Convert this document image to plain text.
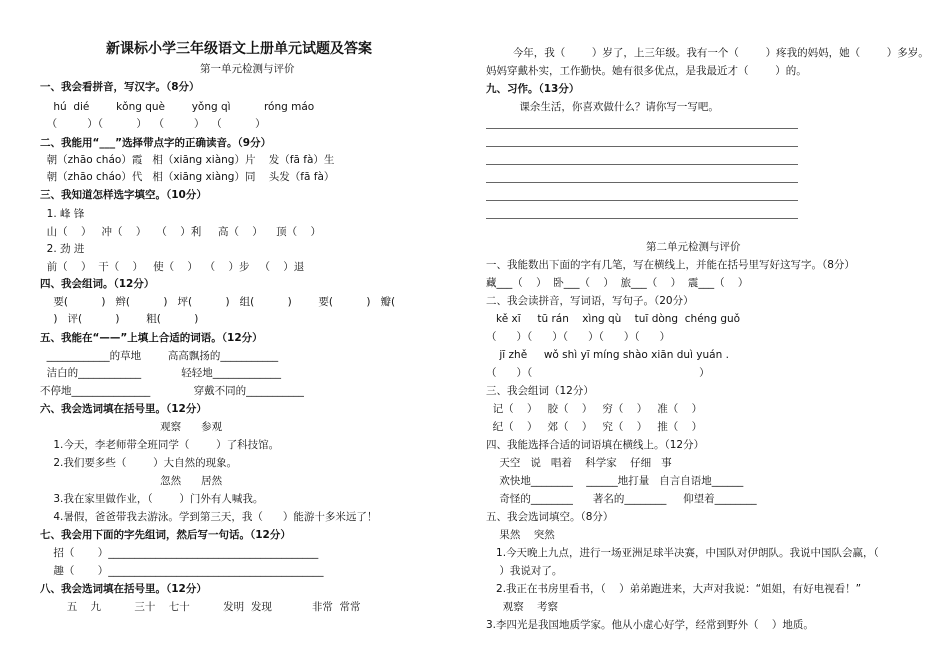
新课标小学三年级语文上册单元试题及答案
第一单元检测与评价
一、我会看拼音，写汉字。（8分）
hú  dié        kǒng què        yǒng qì          róng máo
（         ）（          ）  （         ）  （          ）
二、我能用“___”选择带点字的正确读音。（9分）
朝（zhāo cháo）霞   相（xiāng xiàng）片    发（fā fà）生
朝（zhāo cháo）代   相（xiāng xiàng）同    头发（fā fà）
三、我知道怎样选字填空。（10分）
1. 峰 锋
山（    ）   冲（    ）   （    ）利     高（    ）    顶（    ）
2. 劲 进
前（    ）  干（    ）   使（    ）  （    ）步   （    ）退
四、我会组词。（12分）
要(          )   辫(          )   坪(          )   组(          )        要(          )   瓣(
)   评(          )        粗(          )
五、我能在“——”上填上合适的词语。（12分）
____________的草地        高高飘扬的___________
洁白的____________            轻轻地_____________
不停地_______________             穿戴不同的___________
六、我会选词填在括号里。（12分）
观察      参观
1.今天，李老师带全班同学（        ）了科技馆。
2.我们要多些（        ）大自然的现象。
忽然      居然
3.我在家里做作业，（        ）门外有人喊我。
4.暑假，爸爸带我去游泳。学到第三天，我（      ）能游十多米远了！
七、我会用下面的字先组词，然后写一句话。（12分）
招（       ）________________________________________
趣（       ）_________________________________________
八、我会选词填在括号里。（12分）
五    九          三十    七十          发明  发现            非常  常常
今年，我（        ）岁了，上三年级。我有一个（        ）疼我的妈妈，她（        ）多岁。
妈妈穿戴朴实，工作勤快。她有很多优点，是我最近才（        ）的。
九、习作。（13分）
课余生活，你喜欢做什么？请你写一写吧。
第二单元检测与评价
一、我能数出下面的字有几笔，写在横线上，并能在括号里写好这写字。（8分）
藏___（    ）  卧___（    ）  旅___（    ）  震___（    ）
二、我会读拼音，写词语，写句子。（20分）
kě xī     tū rán    xìng qù    tuī dòng  chéng guǒ
（      ）（      ）（      ）（      ）（      ）
jī zhě     wǒ shì yī míng shào xiān duì yuán .
（      ）（                                                  ）
三、我会组词（12分）
记（    ）   胶（    ）   穷（    ）   准（    ）
纪（    ）   郊（    ）   究（    ）   推（    ）
四、我能选择合适的词语填在横线上。（12分）
天空   说   唱着    科学家    仔细   事
欢快地________    ______地打量   自言自语地______
奇怪的________      著名的________     仰望着________
五、我会选词填空。（8分）
果然    突然
1.今天晚上九点，进行一场亚洲足球半决赛，中国队对伊朗队。我说中国队会赢，（
）我说对了。
2.我正在书房里看书，（    ）弟弟跑进来，大声对我说：“姐姐，有好电视看！”
观察    考察
3.李四光是我国地质学家。他从小虚心好学，经常到野外（    ）地质。
